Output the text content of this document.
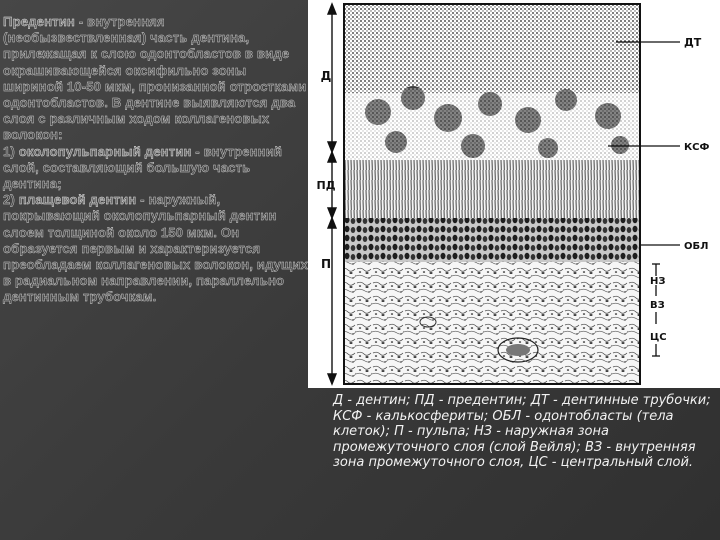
Предентин - внутренняя (необызвествленная) часть дентина, прилежащая к слою одонтобластов в виде окрашивающейся оксифильно зоны шириной 10-50 мкм, пронизанной отростками одонтобластов. В дентине выявляются два слоя с различным ходом коллагеновых волокон:
1) околопульпарный дентин - внутренний слой, составляющий большую часть дентина;
2) плащевой дентин - наружный, покрывающий околопульпарный дентин слоем толщиной около 150 мкм. Он образуется первым и характеризуется преобладаем коллагеновых волокон, идущих в радиальном направлении, параллельно дентинным трубочкам.
Д
ПД
П
ДТ
КСФ
ОБЛ
НЗ
ВЗ
ЦС
Д - дентин; ПД - предентин; ДТ - дентинные трубочки; КСФ - калькосфериты; ОБЛ - одонтобласты (тела клеток); П - пульпа; НЗ - наружная зона промежуточного слоя (слой Вейля); ВЗ - внутренняя зона промежуточного слоя, ЦС - центральный слой.
